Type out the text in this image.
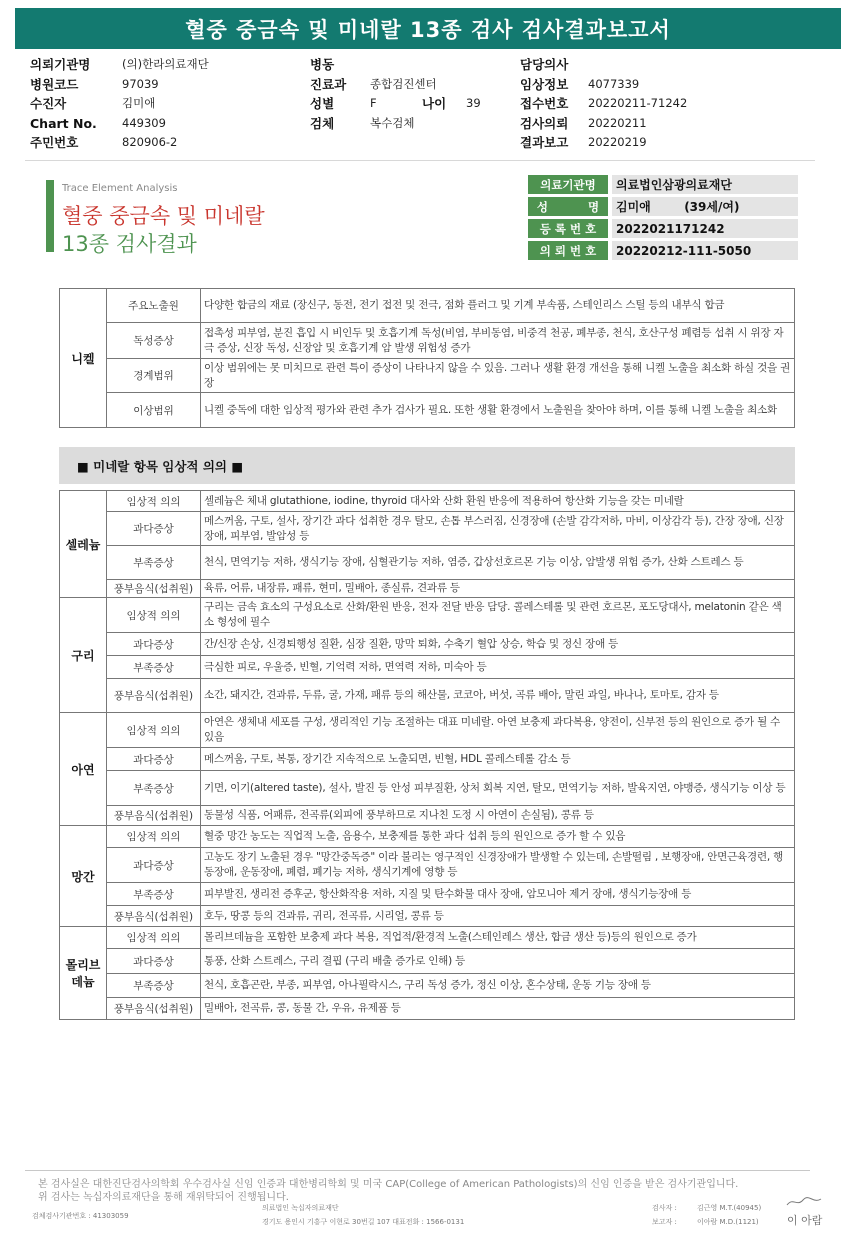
혈중 중금속 및 미네랄 13종 검사 검사결과보고서
의뢰기관명	(의)한라의료재단
병원코드	97039
수진자	김미애
Chart No.	449309
주민번호	820906-2
병동
진료과	종합검진센터
성별	F	나이	39
검체	복수검체
담당의사
임상정보	4077339
접수번호	20220211-71242
검사의뢰	20220211
결과보고	20220219
Trace Element Analysis
혈중 중금속 및 미네랄
13종 검사결과
의료기관명	의료법인삼광의료재단
성          명	김미애        (39세/여)
등 록 번 호	2022021171242
의 뢰 번 호	20220212-111-5050
니켈	주요노출원	다양한 합금의 재료 (장신구, 동전, 전기 접전 및 전극, 점화 플러그 및 기계 부속품, 스테인리스 스틸 등의 내부식 합금
	독성증상	접촉성 피부염, 분진 흡입 시 비인두 및 호흡기계 독성(비염, 부비동염, 비중격 천공, 폐부종, 천식, 호산구성 폐렴등 섭취 시 위장 자극 증상, 신장 독성, 신장암 및 호흡기계 암 발생 위험성 증가
	경계범위	이상 범위에는 못 미치므로 관련 특이 증상이 나타나지 않을 수 있음. 그러나 생활 환경 개선을 통해 니켈 노출을 최소화 하실 것을 권장
	이상범위	니켈 중독에 대한 임상적 평가와 관련 추가 검사가 필요. 또한 생활 환경에서 노출원을 찾아야 하며, 이를 통해 니켈 노출을 최소화
■ 미네랄 항목 임상적 의의 ■
셀레늄	임상적 의의	셀레늄은 체내 glutathione, iodine, thyroid 대사와 산화 환원 반응에 적용하여 항산화 기능을 갖는 미네랄
	과다증상	메스꺼움, 구토, 설사, 장기간 과다 섭취한 경우 탈모, 손톱 부스러짐, 신경장애 (손발 감각저하, 마비, 이상감각 등), 간장 장애, 신장 장애, 피부염, 발암성 등
	부족증상	천식, 면역기능 저하, 생식기능 장애, 심혈관기능 저하, 염증, 갑상선호르몬 기능 이상, 암발생 위험 증가, 산화 스트레스 등
	풍부음식(섭취원)	육류, 어류, 내장류, 패류, 현미, 밀배아, 종실류, 견과류 등
구리	임상적 의의	구리는 금속 효소의 구성요소로 산화/환원 반응, 전자 전달 반응 담당. 콜레스테롤 및 관련 호르몬, 포도당대사, melatonin 같은 색소 형성에 필수
	과다증상	간/신장 손상, 신경퇴행성 질환, 심장 질환, 망막 퇴화, 수축기 혈압 상승, 학습 및 정신 장애 등
	부족증상	극심한 피로, 우울증, 빈혈, 기억력 저하, 면역력 저하, 미숙아 등
	풍부음식(섭취원)	소간, 돼지간, 견과류, 두류, 굴, 가재, 패류 등의 해산물, 코코아, 버섯, 곡류 배아, 말린 과일, 바나나, 토마토, 감자 등
아연	임상적 의의	아연은 생체내 세포를 구성, 생리적인 기능 조절하는 대표 미네랄. 아연 보충제 과다복용, 양전이, 신부전 등의 원인으로 증가 될 수 있음
	과다증상	메스꺼움, 구토, 복통, 장기간 지속적으로 노출되면, 빈혈, HDL 콜레스테롤 감소 등
	부족증상	기면, 이기(altered taste), 설사, 발진 등 안성 피부질환, 상처 회복 지연, 탈모, 면역기능 저하, 발육지연, 야맹증, 생식기능 이상 등
	풍부음식(섭취원)	동물성 식품, 어패류, 전곡류(외피에 풍부하므로 지나친 도정 시 아연이 손실됨), 콩류 등
망간	임상적 의의	혈중 망간 농도는 직업적 노출, 음용수, 보충제를 통한 과다 섭취 등의 원인으로 증가 할 수 있음
	과다증상	고농도 장기 노출된 경우 "망간중독증" 이라 불리는 영구적인 신경장애가 발생할 수 있는데, 손발떨림 , 보행장애, 안면근육경련, 행동장애, 운동장애, 폐렴, 폐기능 저하, 생식기계에 영향 등
	부족증상	피부발진, 생리전 증후군, 항산화작용 저하, 지질 및 탄수화물 대사 장애, 암모니아 제거 장애, 생식기능장애 등
	풍부음식(섭취원)	호두, 땅콩 등의 견과류, 귀리, 전곡류, 시리얼, 콩류 등
몰리브
데늄	임상적 의의	몰리브데늄을 포함한 보충제 과다 복용, 직업적/환경적 노출(스테인레스 생산, 합금 생산 등)등의 원인으로 증가
	과다증상	통풍, 산화 스트레스, 구리 결핍 (구리 배출 증가로 인해) 등
	부족증상	천식, 호흡곤란, 부종, 피부염, 아나필락시스, 구리 독성 증가, 정신 이상, 혼수상태, 운동 기능 장애 등
	풍부음식(섭취원)	밀배아, 전곡류, 콩, 동물 간, 우유, 유제품 등
본 검사실은 대한진단검사의학회 우수검사실 신임 인증과 대한병리학회 및 미국 CAP(College of American Pathologists)의 신임 인증을 받은 검사기관입니다.
위 검사는 녹십자의료재단을 통해 재위탁되어 진행됩니다.
검체검사기관번호 : 41303059
의료법인 녹십자의료재단
경기도 용인시 기흥구 이현로 30번길 107 대표전화 : 1566-0131
검사자 :	김근영 M.T.(40945)
보고자 :	이아람 M.D.(1121)	이 아람
